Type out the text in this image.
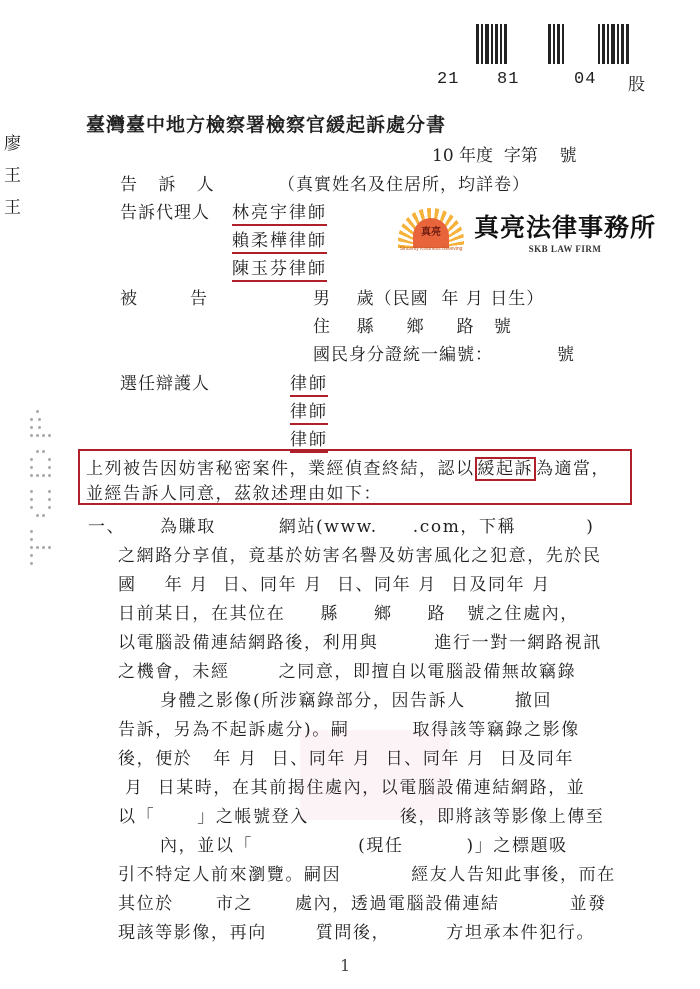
21 81	04 股
臺灣臺中地方檢察署檢察官緩起訴處分書
廖
王
王
10 年度  字第    號
告 訴 人	（真實姓名及住居所，均詳卷）
告訴代理人 林亮宇律師
賴柔樺律師
陳玉芬律師
真亮
Sincerity Kindness Believing
真亮法律事務所
SKB LAW FIRM
被	告	男    歲（民國  年 月 日生）
住    縣     鄉     路   號
國民身分證統一編號：          號
選任辯護人	律師
律師
律師
上列被告因妨害秘密案件，業經偵查終結，認以 緩起訴 為適當，
並經告訴人同意，茲敘述理由如下：
一、
為賺取         網站(www.     .com，下稱          )
之網路分享值，竟基於妨害名譽及妨害風化之犯意，先於民
國    年 月  日、同年 月  日、同年 月  日及同年 月
日前某日，在其位在     縣     鄉     路   號之住處內，
以電腦設備連結網路後，利用與        進行一對一網路視訊
之機會，未經       之同意，即擅自以電腦設備無故竊錄
身體之影像(所涉竊錄部分，因告訴人       撤回
告訴，另為不起訴處分)。嗣         取得該等竊錄之影像
後，便於   年 月  日、同年 月  日、同年 月  日及同年
月  日某時，在其前揭住處內，以電腦設備連結網路，並
以「      」之帳號登入             後，即將該等影像上傳至
內，並以「               (現任         )」之標題吸
引不特定人前來瀏覽。嗣因          經友人告知此事後，而在
其位於      市之      處內，透過電腦設備連結          並發
現該等影像，再向       質問後，        方坦承本件犯行。
1
